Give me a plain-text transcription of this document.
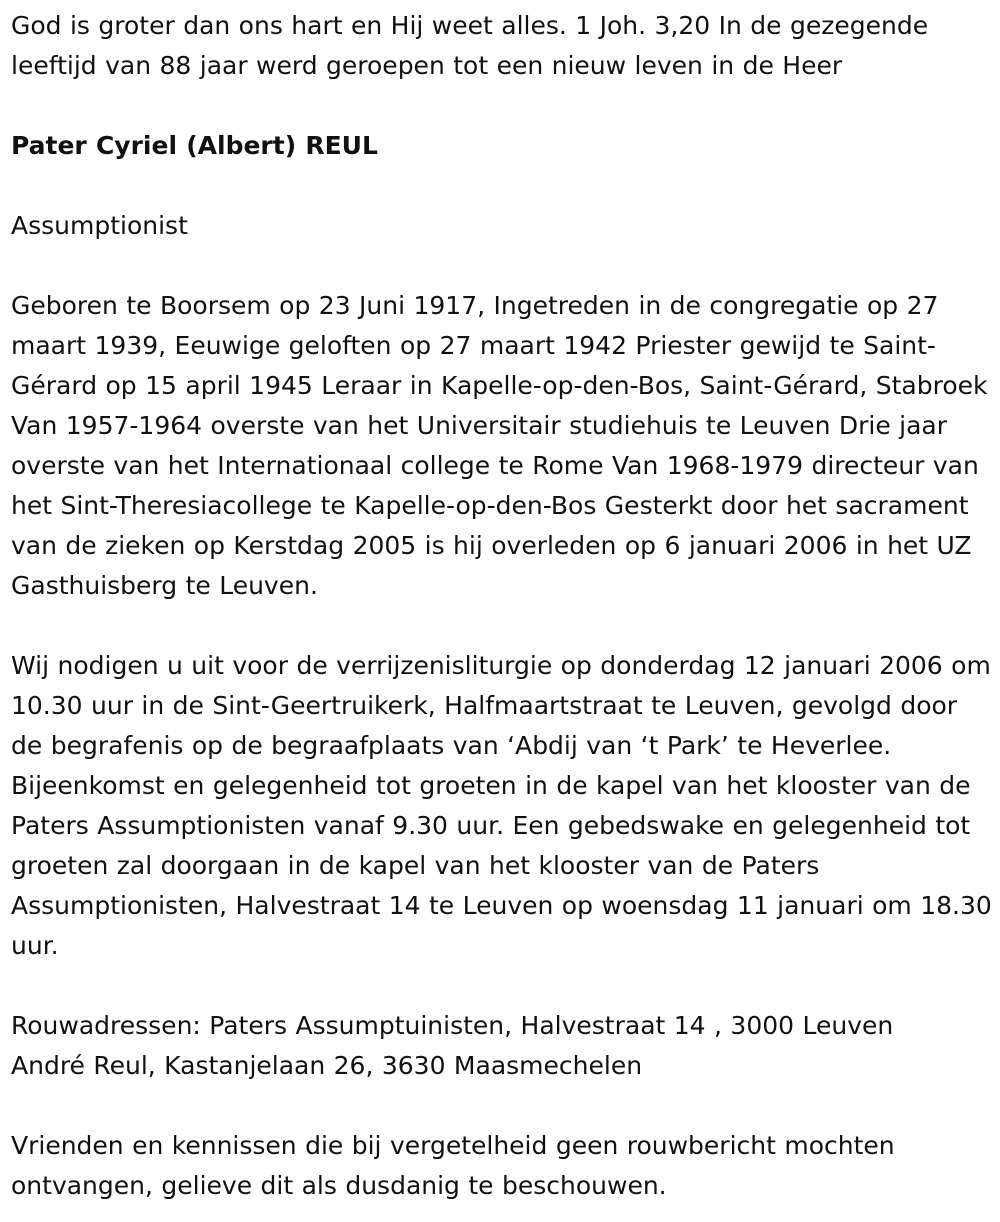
God is groter dan ons hart en Hij weet alles. 1 Joh. 3,20 In de gezegende leeftijd van 88 jaar werd geroepen tot een nieuw leven in de Heer

Pater Cyriel (Albert) REUL

Assumptionist

Geboren te Boorsem op 23 Juni 1917, Ingetreden in de congregatie op 27 maart 1939, Eeuwige geloften op 27 maart 1942 Priester gewijd te Saint-Gérard op 15 april 1945 Leraar in Kapelle-op-den-Bos, Saint-Gérard, Stabroek Van 1957-1964 overste van het Universitair studiehuis te Leuven Drie jaar overste van het Internationaal college te Rome Van 1968-1979 directeur van het Sint-Theresiacollege te Kapelle-op-den-Bos Gesterkt door het sacrament van de zieken op Kerstdag 2005 is hij overleden op 6 januari 2006 in het UZ Gasthuisberg te Leuven.

Wij nodigen u uit voor de verrijzenisliturgie op donderdag 12 januari 2006 om 10.30 uur in de Sint-Geertruikerk, Halfmaartstraat te Leuven, gevolgd door de begrafenis op de begraafplaats van ‘Abdij van ‘t Park’ te Heverlee. Bijeenkomst en gelegenheid tot groeten in de kapel van het klooster van de Paters Assumptionisten vanaf 9.30 uur. Een gebedswake en gelegenheid tot groeten zal doorgaan in de kapel van het klooster van de Paters Assumptionisten, Halvestraat 14 te Leuven op woensdag 11 januari om 18.30 uur.

Rouwadressen: Paters Assumptuinisten, Halvestraat 14 , 3000 Leuven
André Reul, Kastanjelaan 26, 3630 Maasmechelen

Vrienden en kennissen die bij vergetelheid geen rouwbericht mochten ontvangen, gelieve dit als dusdanig te beschouwen.
